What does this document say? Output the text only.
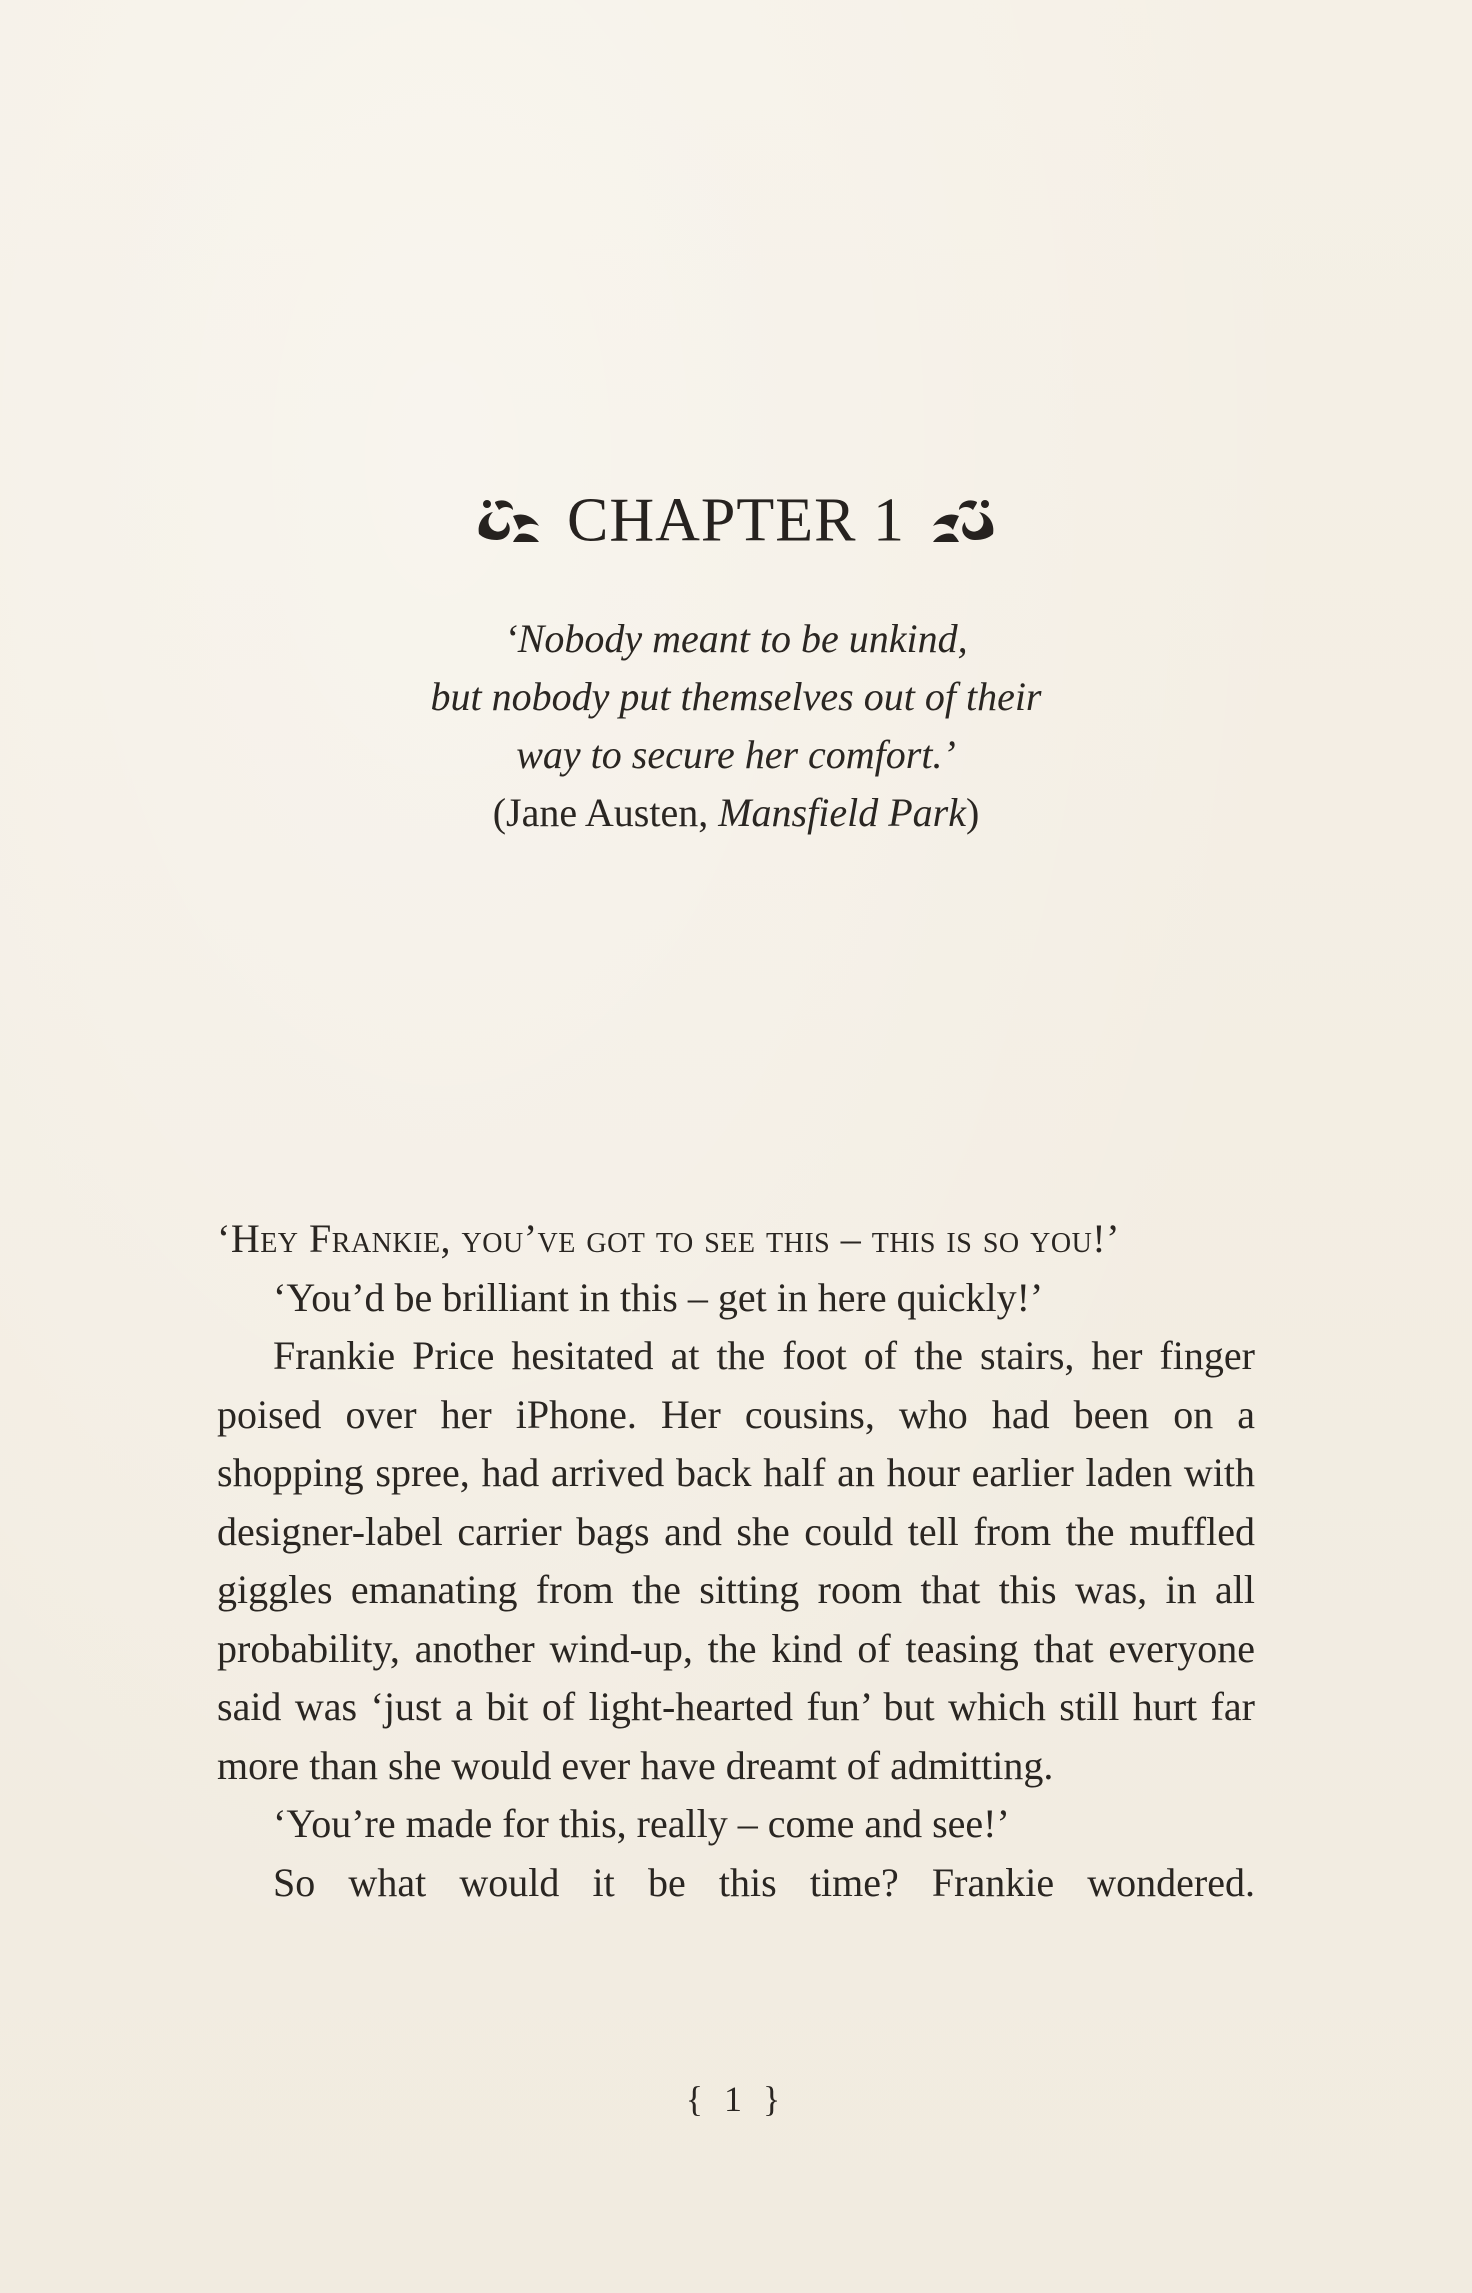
CHAPTER 1
‘Nobody meant to be unkind,
but nobody put themselves out of their
way to secure her comfort.’
(Jane Austen, Mansfield Park)

‘Hey Frankie, you’ve got to see this – this is so you!’

‘You’d be brilliant in this – get in here quickly!’

Frankie Price hesitated at the foot of the stairs, her finger poised over her iPhone. Her cousins, who had been on a shopping spree, had arrived back half an hour earlier laden with designer-label carrier bags and she could tell from the muffled giggles emanating from the sitting room that this was, in all probability, another wind-up, the kind of teasing that everyone said was ‘just a bit of light-hearted fun’ but which still hurt far more than she would ever have dreamt of admitting.

‘You’re made for this, really – come and see!’

So what would it be this time? Frankie wondered.

{ 1 }
